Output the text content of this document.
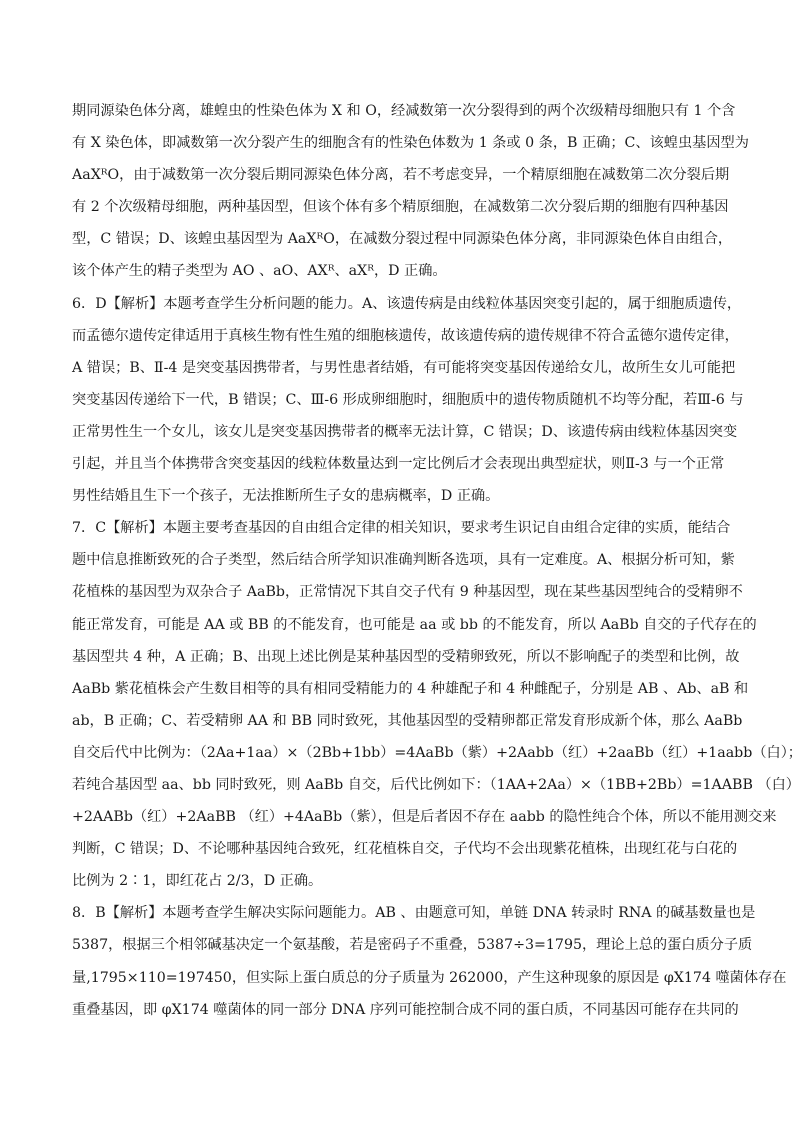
期同源染色体分离，雄蝗虫的性染色体为 X 和 O，经减数第一次分裂得到的两个次级精母细胞只有 1 个含
有 X 染色体，即减数第一次分裂产生的细胞含有的性染色体数为 1 条或 0 条，B 正确；C、该蝗虫基因型为
AaXᴿO，由于减数第一次分裂后期同源染色体分离，若不考虑变异，一个精原细胞在减数第二次分裂后期
有 2 个次级精母细胞，两种基因型，但该个体有多个精原细胞，在减数第二次分裂后期的细胞有四种基因
型，C 错误；D、该蝗虫基因型为 AaXᴿO，在减数分裂过程中同源染色体分离，非同源染色体自由组合，
该个体产生的精子类型为 AO 、aO、AXᴿ、aXᴿ，D 正确。
6．D【解析】本题考查学生分析问题的能力。A、该遗传病是由线粒体基因突变引起的，属于细胞质遗传，
而孟德尔遗传定律适用于真核生物有性生殖的细胞核遗传，故该遗传病的遗传规律不符合孟德尔遗传定律，
A 错误；B、Ⅱ-4 是突变基因携带者，与男性患者结婚，有可能将突变基因传递给女儿，故所生女儿可能把
突变基因传递给下一代，B 错误；C、Ⅲ-6 形成卵细胞时，细胞质中的遗传物质随机不均等分配，若Ⅲ-6 与
正常男性生一个女儿，该女儿是突变基因携带者的概率无法计算，C 错误；D、该遗传病由线粒体基因突变
引起，并且当个体携带含突变基因的线粒体数量达到一定比例后才会表现出典型症状，则Ⅱ-3 与一个正常
男性结婚且生下一个孩子，无法推断所生子女的患病概率，D 正确。
7．C【解析】本题主要考查基因的自由组合定律的相关知识，要求考生识记自由组合定律的实质，能结合
题中信息推断致死的合子类型，然后结合所学知识准确判断各选项，具有一定难度。A、根据分析可知，紫
花植株的基因型为双杂合子 AaBb，正常情况下其自交子代有 9 种基因型，现在某些基因型纯合的受精卵不
能正常发育，可能是 AA 或 BB 的不能发育，也可能是 aa 或 bb 的不能发育，所以 AaBb 自交的子代存在的
基因型共 4 种，A 正确；B、出现上述比例是某种基因型的受精卵致死，所以不影响配子的类型和比例，故
AaBb 紫花植株会产生数目相等的具有相同受精能力的 4 种雄配子和 4 种雌配子，分别是 AB 、Ab、aB 和
ab，B 正确；C、若受精卵 AA 和 BB 同时致死，其他基因型的受精卵都正常发育形成新个体，那么 AaBb
自交后代中比例为：（2Aa+1aa）×（2Bb+1bb）=4AaBb（紫）+2Aabb（红）+2aaBb（红）+1aabb（白）；
若纯合基因型 aa、bb 同时致死，则 AaBb 自交，后代比例如下：（1AA+2Aa）×（1BB+2Bb）=1AABB （白）
+2AABb（红）+2AaBB （红）+4AaBb（紫），但是后者因不存在 aabb 的隐性纯合个体，所以不能用测交来
判断，C 错误；D、不论哪种基因纯合致死，红花植株自交，子代均不会出现紫花植株，出现红花与白花的
比例为 2∶1，即红花占 2/3，D 正确。
8．B【解析】本题考查学生解决实际问题能力。AB 、由题意可知，单链 DNA 转录时 RNA 的碱基数量也是
5387，根据三个相邻碱基决定一个氨基酸，若是密码子不重叠，5387÷3=1795，理论上总的蛋白质分子质
量,1795×110=197450，但实际上蛋白质总的分子质量为 262000，产生这种现象的原因是 φX174 噬菌体存在
重叠基因，即 φX174 噬菌体的同一部分 DNA 序列可能控制合成不同的蛋白质，不同基因可能存在共同的
